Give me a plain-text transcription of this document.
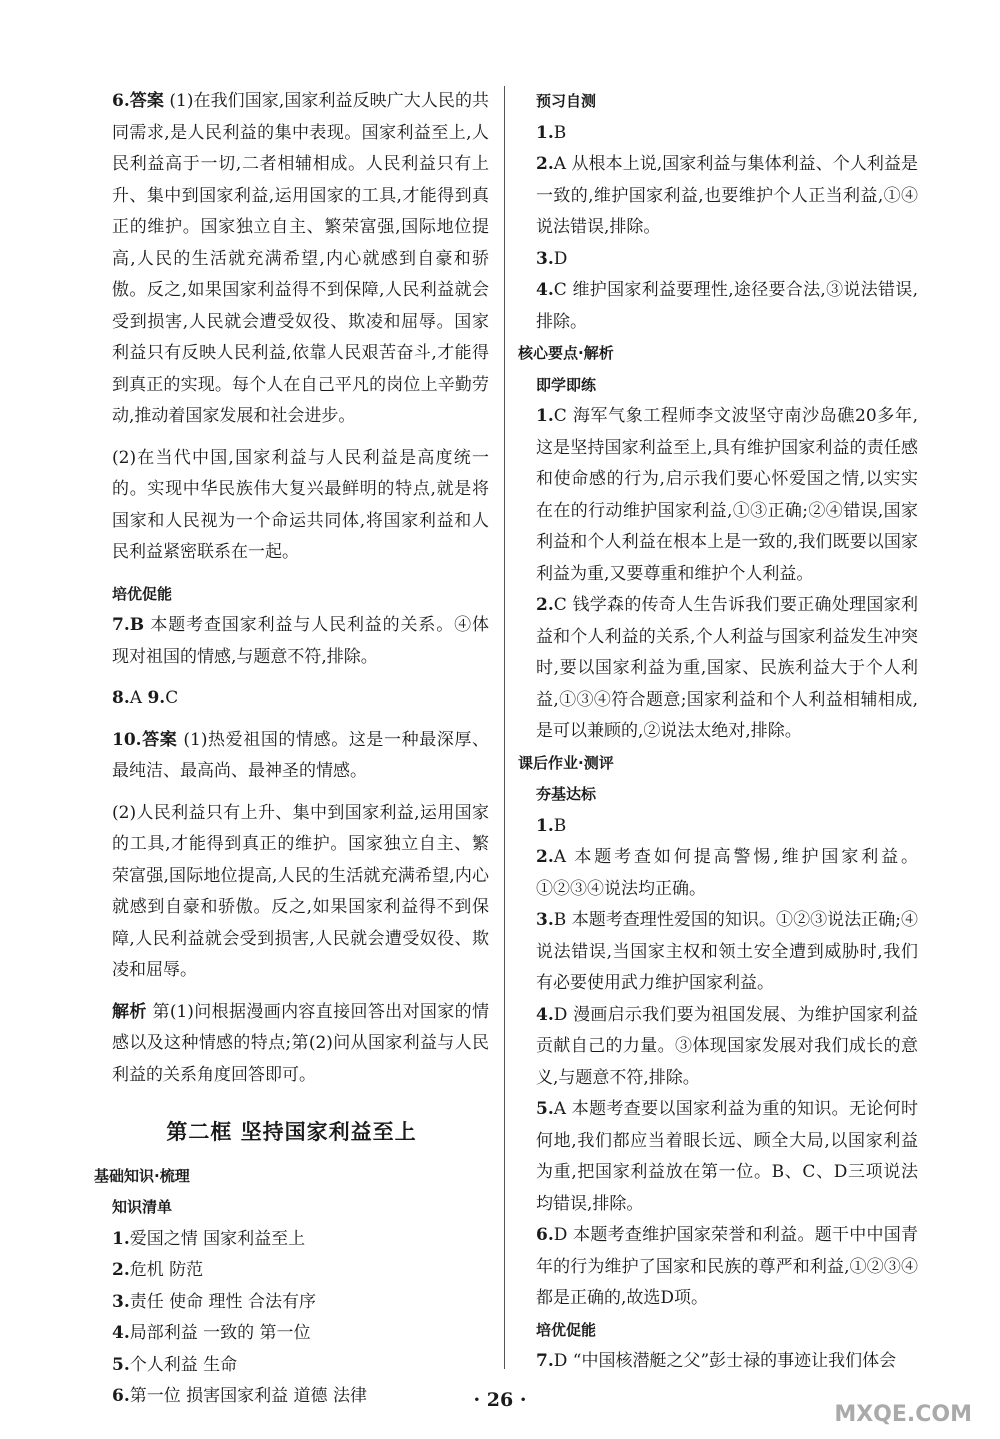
6.答案 (1)在我们国家,国家利益反映广大人民的共同需求,是人民利益的集中表现。国家利益至上,人民利益高于一切,二者相辅相成。人民利益只有上升、集中到国家利益,运用国家的工具,才能得到真正的维护。国家独立自主、繁荣富强,国际地位提高,人民的生活就充满希望,内心就感到自豪和骄傲。反之,如果国家利益得不到保障,人民利益就会受到损害,人民就会遭受奴役、欺凌和屈辱。国家利益只有反映人民利益,依靠人民艰苦奋斗,才能得到真正的实现。每个人在自己平凡的岗位上辛勤劳动,推动着国家发展和社会进步。

(2)在当代中国,国家利益与人民利益是高度统一的。实现中华民族伟大复兴最鲜明的特点,就是将国家和人民视为一个命运共同体,将国家利益和人民利益紧密联系在一起。

培优促能

7.B 本题考查国家利益与人民利益的关系。④体现对祖国的情感,与题意不符,排除。

8.A 9.C

10.答案 (1)热爱祖国的情感。这是一种最深厚、最纯洁、最高尚、最神圣的情感。

(2)人民利益只有上升、集中到国家利益,运用国家的工具,才能得到真正的维护。国家独立自主、繁荣富强,国际地位提高,人民的生活就充满希望,内心就感到自豪和骄傲。反之,如果国家利益得不到保障,人民利益就会受到损害,人民就会遭受奴役、欺凌和屈辱。

解析 第(1)问根据漫画内容直接回答出对国家的情感以及这种情感的特点;第(2)问从国家利益与人民利益的关系角度回答即可。

第二框 坚持国家利益至上

基础知识·梳理

知识清单

1.爱国之情 国家利益至上

2.危机 防范

3.责任 使命 理性 合法有序

4.局部利益 一致的 第一位

5.个人利益 生命

6.第一位 损害国家利益 道德 法律

预习自测

1.B

2.A 从根本上说,国家利益与集体利益、个人利益是一致的,维护国家利益,也要维护个人正当利益,①④说法错误,排除。

3.D

4.C 维护国家利益要理性,途径要合法,③说法错误,排除。

核心要点·解析

即学即练

1.C 海军气象工程师李文波坚守南沙岛礁20多年,这是坚持国家利益至上,具有维护国家利益的责任感和使命感的行为,启示我们要心怀爱国之情,以实实在在的行动维护国家利益,①③正确;②④错误,国家利益和个人利益在根本上是一致的,我们既要以国家利益为重,又要尊重和维护个人利益。

2.C 钱学森的传奇人生告诉我们要正确处理国家利益和个人利益的关系,个人利益与国家利益发生冲突时,要以国家利益为重,国家、民族利益大于个人利益,①③④符合题意;国家利益和个人利益相辅相成,是可以兼顾的,②说法太绝对,排除。

课后作业·测评

夯基达标

1.B

2.A 本题考查如何提高警惕,维护国家利益。①②③④说法均正确。

3.B 本题考查理性爱国的知识。①②③说法正确;④说法错误,当国家主权和领土安全遭到威胁时,我们有必要使用武力维护国家利益。

4.D 漫画启示我们要为祖国发展、为维护国家利益贡献自己的力量。③体现国家发展对我们成长的意义,与题意不符,排除。

5.A 本题考查要以国家利益为重的知识。无论何时何地,我们都应当着眼长远、顾全大局,以国家利益为重,把国家利益放在第一位。B、C、D三项说法均错误,排除。

6.D 本题考查维护国家荣誉和利益。题干中中国青年的行为维护了国家和民族的尊严和利益,①②③④都是正确的,故选D项。

培优促能

7.D “中国核潜艇之父”彭士禄的事迹让我们体会

· 26 ·
MXQE.COM
